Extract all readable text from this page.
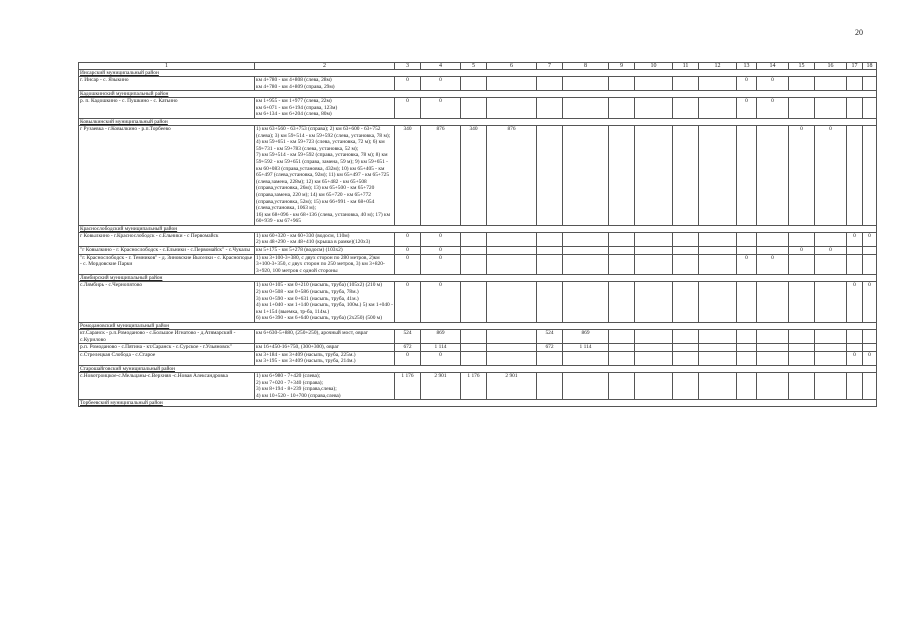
20
1	2	3	4	5	6	7	8	9	10	11	12	13	14	15	16	17	18
Инсарский муниципальный район																	
г. Инсар - с. Языкино	км 4+780 - км 4+808 (слева, 28м)
км 4+780 - км 4+809 (справа, 29м)	0	0									0	0				
Кадошкинский муниципальный район																	
р. п. Кадошкино - с. Пушкино - с. Катьино	км 1+955 - км 1+977 (слева, 22м)
км 6+071 - км 6+194 (справа, 123м)
км 6+134 - км 6+204 (слева, 80м)	0	0									0	0				
Ковылкинский муниципальный район																	
г Рузаевка - г.Ковылкино - р.п.Торбеево	1) км 63+560 - 63+753 (справа); 2) км 63+600 - 63+752 (слева); 3) км 59+514 - км 59+592 (слева, установка, 78 м); 4) км 59+651 - км 59+723 (слева, установка, 72 м); 6) км 59+731 - км 59+783 (слева, установка, 52 м);
7) км 59+514 - км 59+592 (справа, установка, 78 м); 8) км 59+592 - км 59+651 (справа, замена, 59 м); 9) км 59+651 - км 60+083 (справа,установка, 432м); 10) км 65+405 - км 65+497 (слева,установка, 92м); 11) км 65+497 - км 65+725 (слева,замена, 228м); 12) км 65+482 - км 65+508 (справа,установка, 26м); 13) км 65+500 - км 65+720 (справа,замена, 220 м); 14) км 65+720 - км 65+772 (справа,установка, 52м); 15) км 66+991 - км 68+054 (слева,установка, 1063 м);
16) км 68+096 - км 68+136 (слева, установка, 40 м); 17) км 60+939 - км 67+965	340	876	340	876									0	0		
Краснослободский муниципальный район																	
г Ковылкино - г.Краснослободск - с.Ельники - с Первомайск	1) км 60+320 - км 60+330 (водосм, 110м)
2) км 48+290 - км 48+410 (крыша в рамке)(120х3)	0	0													0	0
"г Ковылкино - г. Краснослободск - с.Ельники - с.Первомайск" - с.Чукалы	км 5+175 - км 5+278 (водосм) (103х2)	0	0											0	0		
"г. Краснослободск - г. Темников" - д. Зиновские Выселки - с. Красноподье - с. Мордовские Парки	1) км 3+100-3+380, с двух сторон по 280 метров, 2)км 3+100-3+350, с двух сторон по 250 метров, 3) км 3+820-3+920, 100 метров с одной стороны	0	0									0	0				
Лямбирский муниципальный район																	
с.Лямбирь - с.Чернопятово	1) км 0+105 - км 0+210 (насыпь, труба) (105х2) (210 м)
2) км 0+508 - км 0+586 (насыпь, труба, 78м.)
3) км 0+590 - км 0+631 (насыпь, труба, 41м.)
4) км 1+040 - км 1+140 (насыпь, труба, 100м.) 5) км 1+040 - км 1+154 (выемка, тр-ба, 114м.)
6) км 6+390 - км 6+640 (насыпь, труба) (2х250) (500 м)	0	0													0	0
Ромодановский муниципальный район																	
кт.Саранск - р.п.Ромоданово - с.Большое Игнатово - д.Атямарский - с.Курилово	км 6+630-5+880, (250+250), арочный мост, овраг	524	869			524	869										
р.п. Ромоданово - с.Пятина - кт.Саранск - с.Сурское - г.Ульяновск"	км 16+450-16+750, (300+300), овраг	672	1 114			672	1 114										
с.Стрелецкая Слобода - с.Старое	км 3+184 - км 3+409 (насыпь, труба, 225м.)
км 3+195 - км 3+409 (насыпь, труба, 214м.)	0	0													0	0
Старошайговский муниципальный район																	
с.Новотроицкое-с.Мельцаны-с.Верхняя -с.Новая Александровка	1) км 6+980 - 7+420 (слева);
2) км 7+020 - 7+340 (справа);
3) км 8+194 - 8+239 (справа,слева);
4) км 10+520 - 10+700 (справа,слева)	1 176	2 901	1 176	2 901												
Торбеевский муниципальный район																	
